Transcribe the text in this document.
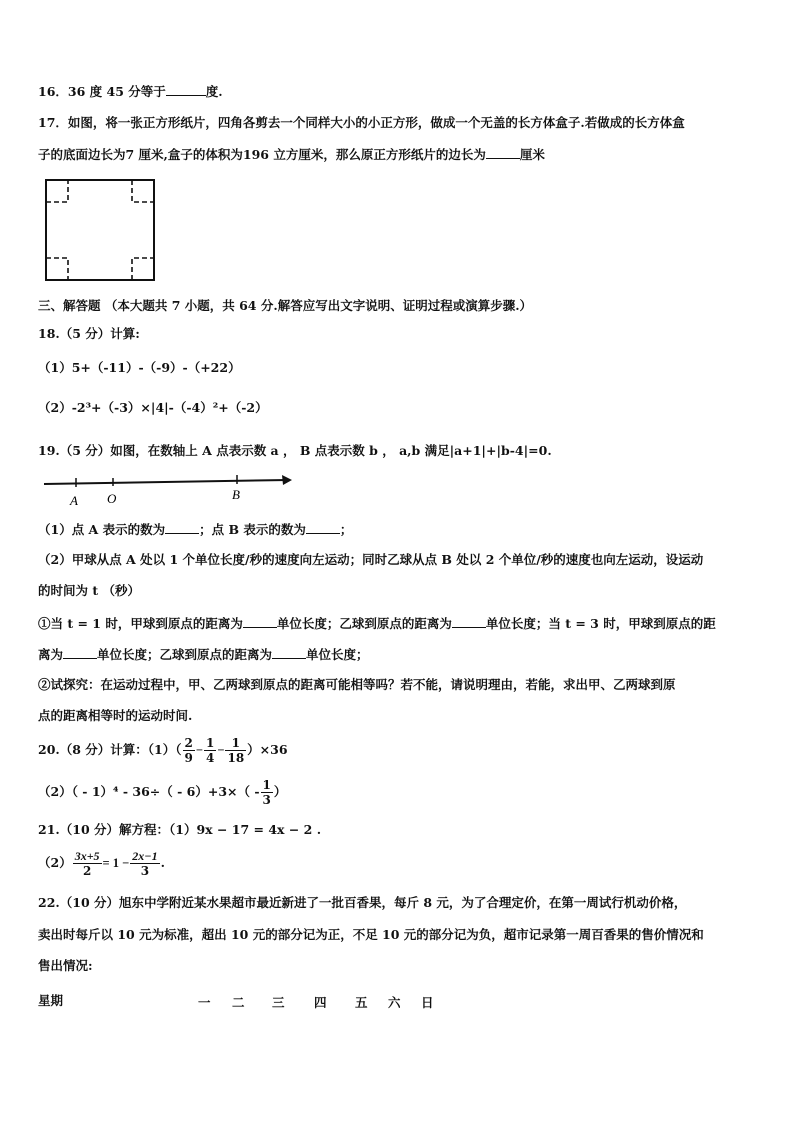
16．36 度 45 分等于	度.
17．如图，将一张正方形纸片，四角各剪去一个同样大小的小正方形，做成一个无盖的长方体盒子.若做成的长方体盒
子的底面边长为7 厘米,盒子的体积为196 立方厘米，那么原正方形纸片的边长为	厘米
三、解答题 （本大题共 7 小题，共 64 分.解答应写出文字说明、证明过程或演算步骤.）
18.（5 分）计算:
（1）5+（-11）-（-9）-（+22）
（2）-2³+（-3）×|4|-（-4）²+（-2）
19.（5 分）如图，在数轴上 A 点表示数 a ， B 点表示数 b ， a,b 满足|a+1|+|b-4|=0.
A O	B
（1）点 A 表示的数为	；点 B 表示的数为	；
（2）甲球从点 A 处以 1 个单位长度/秒的速度向左运动；同时乙球从点 B 处以 2 个单位/秒的速度也向左运动，设运动
的时间为 t （秒）
①当 t = 1 时，甲球到原点的距离为	单位长度；乙球到原点的距离为	单位长度；当 t = 3 时，甲球到原点的距
离为	单位长度；乙球到原点的距离为	单位长度；
②试探究：在运动过程中，甲、乙两球到原点的距离可能相等吗？若不能，请说明理由，若能，求出甲、乙两球到原
点的距离相等时的运动时间.
20.（8 分）计算：$(1)( \frac{2}{9} - \frac{1}{4} - \frac{1}{18} )\times 36$
$(2)( - 1)^4 - 36\div( - 6)+3\times( - \frac{1}{3}$ ）
21.（10 分）解方程：（1）9x − 17 = 4x − 2 .
$(2) \frac{3x+5}{2} = 1 - \frac{2x-1}{3}$ .
22.（10 分）旭东中学附近某水果超市最近新进了一批百香果，每斤 8 元，为了合理定价，在第一周试行机动价格，
卖出时每斤以 10 元为标准，超出 10 元的部分记为正，不足 10 元的部分记为负，超市记录第一周百香果的售价情况和
售出情况:
星期	一 二 三 四 五 六 日
